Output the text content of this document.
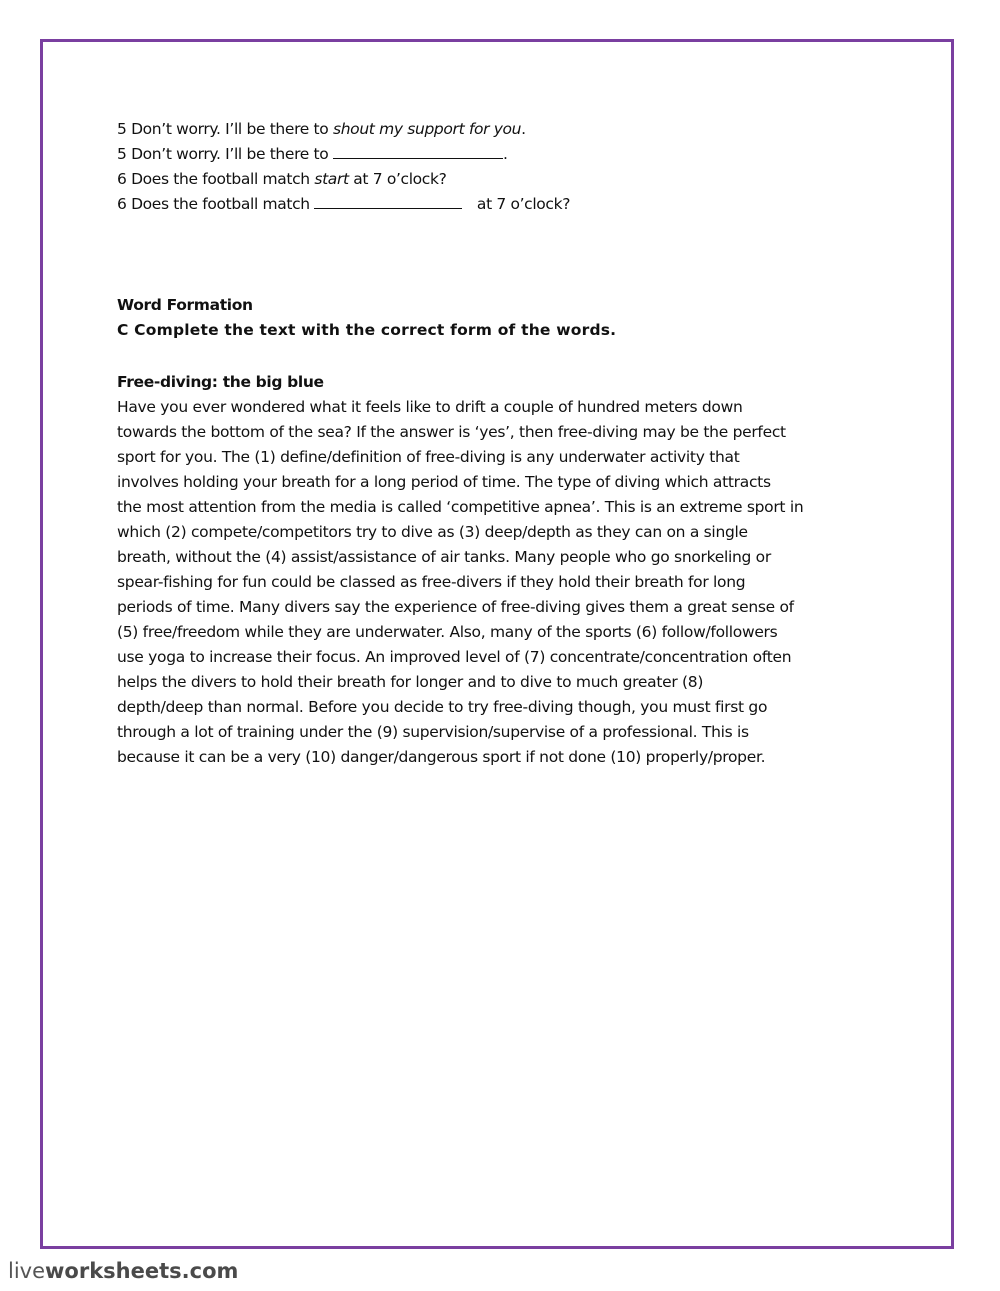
5 Don’t worry. I’ll be there to shout my support for you.
5 Don’t worry. I’ll be there to	.
6 Does the football match start at 7 o’clock?
6 Does the football match	at 7 o’clock?
Word Formation
C Complete the text with the correct form of the words.
Free-diving: the big blue
Have you ever wondered what it feels like to drift a couple of hundred meters down
towards the bottom of the sea? If the answer is ‘yes’, then free-diving may be the perfect
sport for you. The (1) define/definition of free-diving is any underwater activity that
involves holding your breath for a long period of time. The type of diving which attracts
the most attention from the media is called ‘competitive apnea’. This is an extreme sport in
which (2) compete/competitors try to dive as (3) deep/depth as they can on a single
breath, without the (4) assist/assistance of air tanks. Many people who go snorkeling or
spear-fishing for fun could be classed as free-divers if they hold their breath for long
periods of time. Many divers say the experience of free-diving gives them a great sense of
(5) free/freedom while they are underwater. Also, many of the sports (6) follow/followers
use yoga to increase their focus. An improved level of (7) concentrate/concentration often
helps the divers to hold their breath for longer and to dive to much greater (8)
depth/deep than normal. Before you decide to try free-diving though, you must first go
through a lot of training under the (9) supervision/supervise of a professional. This is
because it can be a very (10) danger/dangerous sport if not done (10) properly/proper.
liveworksheets.com
